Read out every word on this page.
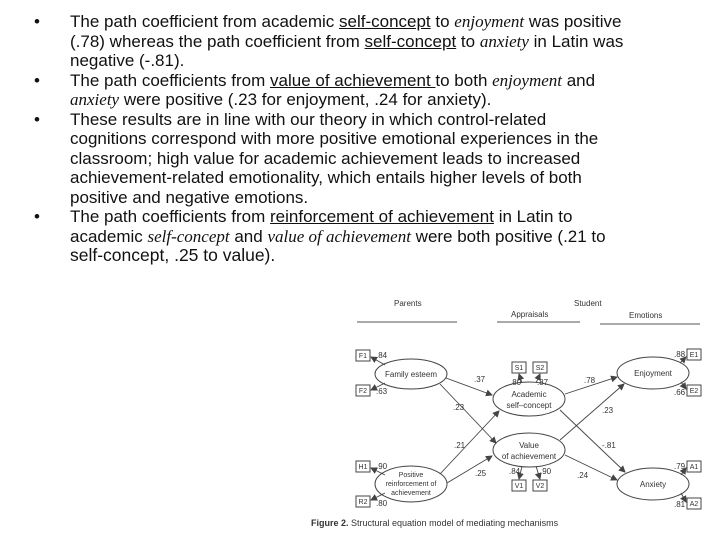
•	The path coefficient from academic self-concept to enjoyment was positive
(.78) whereas the path coefficient from self-concept to anxiety in Latin was
negative (-.81).
•	The path coefficients from value of achievement to both enjoyment and
anxiety were positive (.23 for enjoyment, .24 for anxiety).
•	These results are in line with our theory in which control-related
cognitions correspond with more positive emotional experiences in the
classroom; high value for academic achievement leads to increased
achievement-related emotionality, which entails higher levels of both
positive and negative emotions.
•	The path coefficients from reinforcement of achievement in Latin to
academic self-concept and value of achievement were both positive (.21 to
self-concept, .25 to value).
Parents	Student
Appraisals	Emotions
Family esteem
Academic
self–concept
Value
of achievement
Positive
reinforcement of
achievement
Enjoyment
Anxiety
F1
F2
H1
R2
S1 S2
V1 V2
E1
E2
A1
A2
.84
.63
.90
.80
.80 .87
.84 .90
.88
.66
.79
.81
.37
.23
.21
.25
.78
-.81
.23
.24
Figure 2. Structural equation model of mediating mechanisms
